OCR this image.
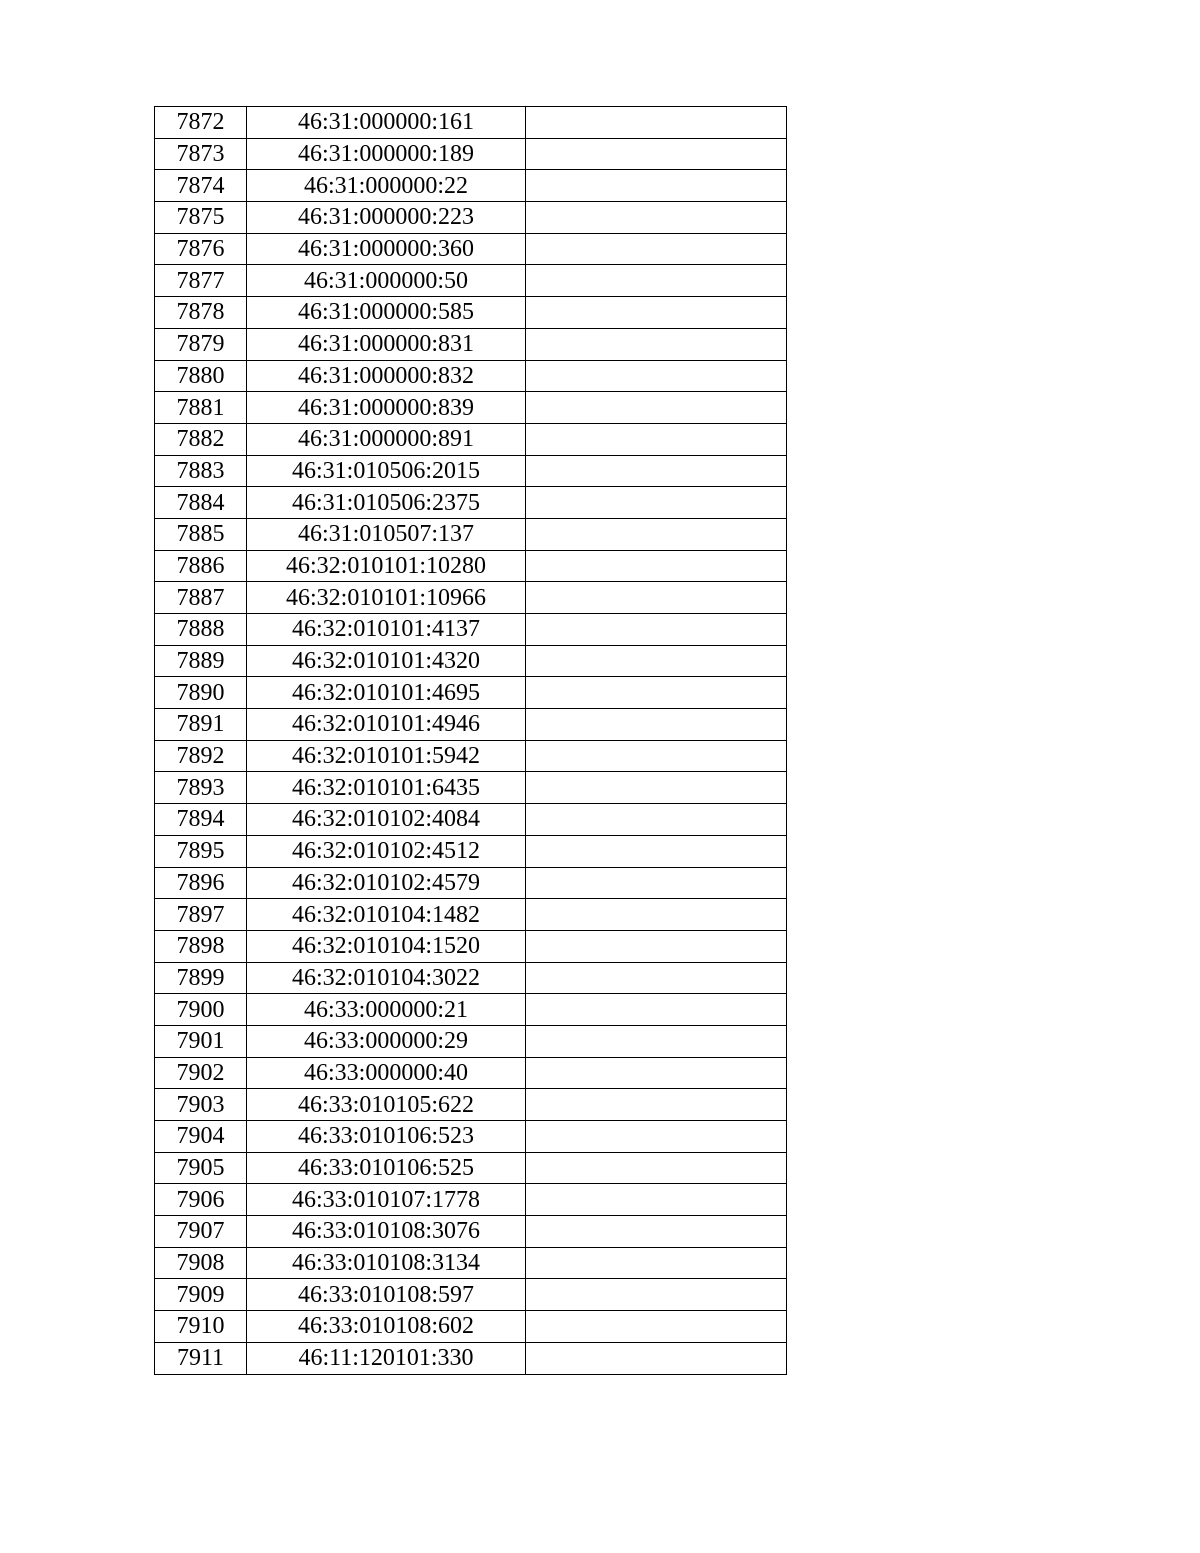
7872	46:31:000000:161	
7873	46:31:000000:189	
7874	46:31:000000:22	
7875	46:31:000000:223	
7876	46:31:000000:360	
7877	46:31:000000:50	
7878	46:31:000000:585	
7879	46:31:000000:831	
7880	46:31:000000:832	
7881	46:31:000000:839	
7882	46:31:000000:891	
7883	46:31:010506:2015	
7884	46:31:010506:2375	
7885	46:31:010507:137	
7886	46:32:010101:10280	
7887	46:32:010101:10966	
7888	46:32:010101:4137	
7889	46:32:010101:4320	
7890	46:32:010101:4695	
7891	46:32:010101:4946	
7892	46:32:010101:5942	
7893	46:32:010101:6435	
7894	46:32:010102:4084	
7895	46:32:010102:4512	
7896	46:32:010102:4579	
7897	46:32:010104:1482	
7898	46:32:010104:1520	
7899	46:32:010104:3022	
7900	46:33:000000:21	
7901	46:33:000000:29	
7902	46:33:000000:40	
7903	46:33:010105:622	
7904	46:33:010106:523	
7905	46:33:010106:525	
7906	46:33:010107:1778	
7907	46:33:010108:3076	
7908	46:33:010108:3134	
7909	46:33:010108:597	
7910	46:33:010108:602	
7911	46:11:120101:330	
